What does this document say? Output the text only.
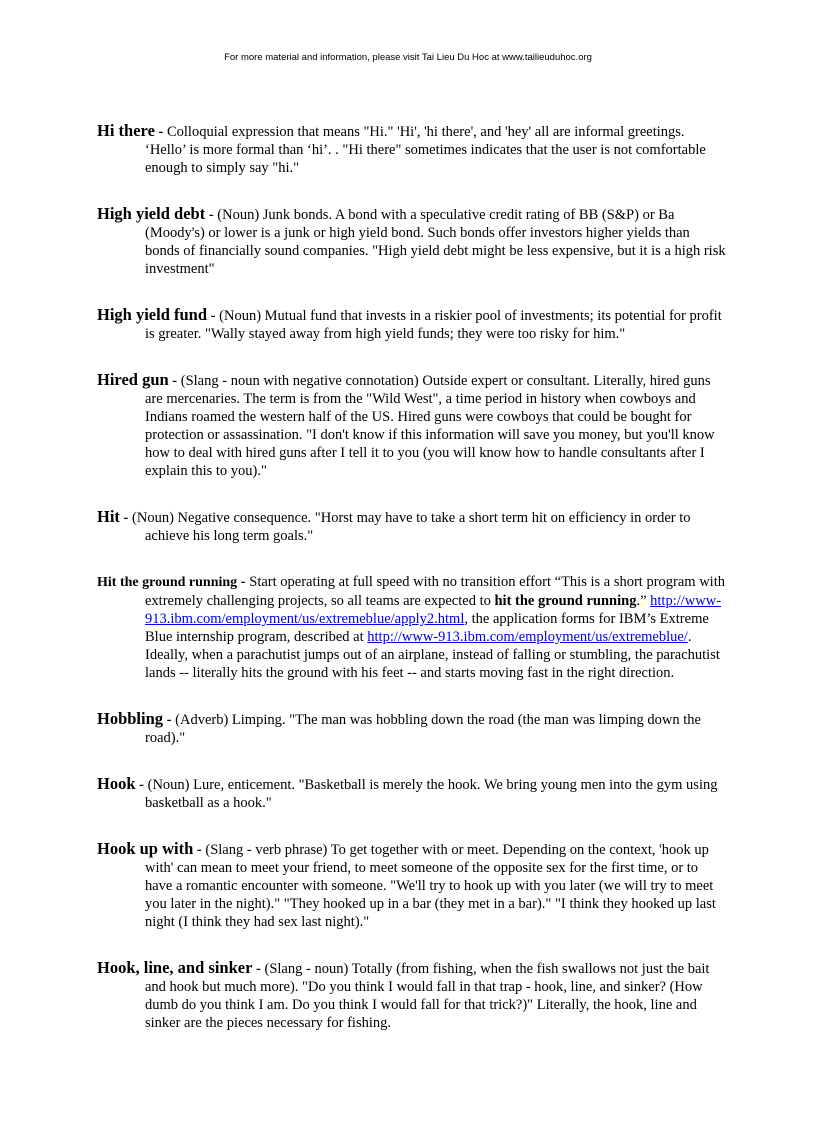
For more material and information, please visit Tai Lieu Du Hoc at www.tailieuduhoc.org

Hi there - Colloquial expression that means "Hi." 'Hi', 'hi there', and 'hey' all are informal greetings. ‘Hello’ is more formal than ‘hi’. . "Hi there" sometimes indicates that the user is not comfortable enough to simply say "hi."

High yield debt - (Noun) Junk bonds. A bond with a speculative credit rating of BB (S&P) or Ba (Moody's) or lower is a junk or high yield bond. Such bonds offer investors higher yields than bonds of financially sound companies. "High yield debt might be less expensive, but it is a high risk investment"

High yield fund - (Noun) Mutual fund that invests in a riskier pool of investments; its potential for profit is greater. "Wally stayed away from high yield funds; they were too risky for him."

Hired gun - (Slang - noun with negative connotation) Outside expert or consultant. Literally, hired guns are mercenaries. The term is from the "Wild West", a time period in history when cowboys and Indians roamed the western half of the US. Hired guns were cowboys that could be bought for protection or assassination. "I don't know if this information will save you money, but you'll know how to deal with hired guns after I tell it to you (you will know how to handle consultants after I explain this to you)."

Hit - (Noun) Negative consequence. "Horst may have to take a short term hit on efficiency in order to achieve his long term goals."

Hit the ground running - Start operating at full speed with no transition effort “This is a short program with extremely challenging projects, so all teams are expected to hit the ground running.” http://www-913.ibm.com/employment/us/extremeblue/apply2.html, the application forms for IBM’s Extreme Blue internship program, described at http://www-913.ibm.com/employment/us/extremeblue/. Ideally, when a parachutist jumps out of an airplane, instead of falling or stumbling, the parachutist lands -- literally hits the ground with his feet -- and starts moving fast in the right direction.

Hobbling - (Adverb) Limping. "The man was hobbling down the road (the man was limping down the road)."

Hook - (Noun) Lure, enticement. "Basketball is merely the hook. We bring young men into the gym using basketball as a hook."

Hook up with - (Slang - verb phrase) To get together with or meet. Depending on the context, 'hook up with' can mean to meet your friend, to meet someone of the opposite sex for the first time, or to have a romantic encounter with someone. "We'll try to hook up with you later (we will try to meet you later in the night)." "They hooked up in a bar (they met in a bar)." "I think they hooked up last night (I think they had sex last night)."

Hook, line, and sinker - (Slang - noun) Totally (from fishing, when the fish swallows not just the bait and hook but much more). "Do you think I would fall in that trap - hook, line, and sinker? (How dumb do you think I am. Do you think I would fall for that trick?)" Literally, the hook, line and sinker are the pieces necessary for fishing.
